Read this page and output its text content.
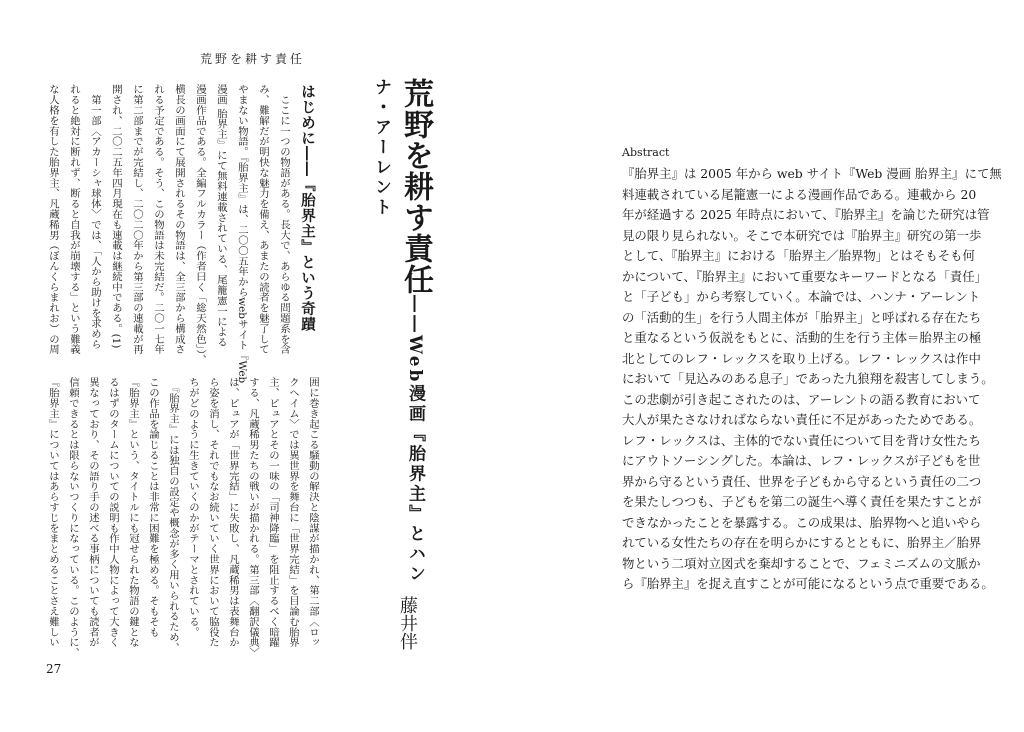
荒野を耕す責任
はじめに――『胎界主』という奇蹟
　ここに一つの物語がある。長大で、あらゆる問題系を含
み、難解だが明快な魅力を備え、あまたの読者を魅了して
やまない物語。『胎界主』は、二〇〇五年からwebサイト『Web
漫画 胎界主』にて無料連載されている、尾籠憲一による
漫画作品である。全編フルカラー（作者曰く「総天然色」）、
横長の画面にて展開されるその物語は、全三部から構成さ
れる予定である。そう、この物語は未完結だ。二〇一七年
に第二部までが完結し、二〇二〇年から第三部の連載が再
開され、二〇二五年四月現在も連載は継続中である。(1)
　第一部〈アカーシャ球体〉では、「人から助けを求めら
れると絶対に断れず、断ると自我が崩壊する」という難義
な人格を有した胎界主、凡蔵稀男（ぼんくらまれお）の周
囲に巻き起こる騒動の解決と陰謀が描かれ、第二部〈ロッ
クヘイム〉では異世界を舞台に「世界完結」を目論む胎界
主、ピュアとその一味の「司神降臨」を阻止するべく暗躍
する、凡蔵稀男たちの戦いが描かれる。第三部〈翻訳儀典〉
は、ピュアが「世界完結」に失敗し、凡蔵稀男は表舞台か
ら姿を消し、それでもなお続いていく世界において脇役た
ちがどのように生きていくのかがテーマとされている。
　『胎界主』には独自の設定や概念が多く用いられるため、
この作品を論じることは非常に困難を極める。そもそも
『胎界主』という、タイトルにも冠せられた物語の鍵とな
るはずのタームについての説明も作中人物によって大きく
異なっており、その語り手の述べる事柄についても読者が
信頼できるとは限らないつくりになっている。このように、
『胎界主』についてはあらすじをまとめることさえ難しい
荒野を耕す責任――Web漫画『胎界主』とハンナ・アーレント
藤井伴
27
Abstract
『胎界主』は 2005 年から web サイト『Web 漫画 胎界主』にて無
料連載されている尾籠憲一による漫画作品である。連載から 20
年が経過する 2025 年時点において、『胎界主』を論じた研究は管
見の限り見られない。そこで本研究では『胎界主』研究の第一歩
として、『胎界主』における「胎界主／胎界物」とはそもそも何
かについて、『胎界主』において重要なキーワードとなる「責任」
と「子ども」から考察していく。本論では、ハンナ・アーレント
の「活動的生」を行う人間主体が「胎界主」と呼ばれる存在たち
と重なるという仮説をもとに、活動的生を行う主体＝胎界主の極
北としてのレフ・レックスを取り上げる。レフ・レックスは作中
において「見込みのある息子」であった九狼翔を殺害してしまう。
この悲劇が引き起こされたのは、アーレントの語る教育において
大人が果たさなければならない責任に不足があったためである。
レフ・レックスは、主体的でない責任について目を背け女性たち
にアウトソーシングした。本論は、レフ・レックスが子どもを世
界から守るという責任、世界を子どもから守るという責任の二つ
を果たしつつも、子どもを第二の誕生へ導く責任を果たすことが
できなかったことを暴露する。この成果は、胎界物へと追いやら
れている女性たちの存在を明らかにするとともに、胎界主／胎界
物という二項対立図式を棄却することで、フェミニズムの文脈か
ら『胎界主』を捉え直すことが可能になるという点で重要である。
